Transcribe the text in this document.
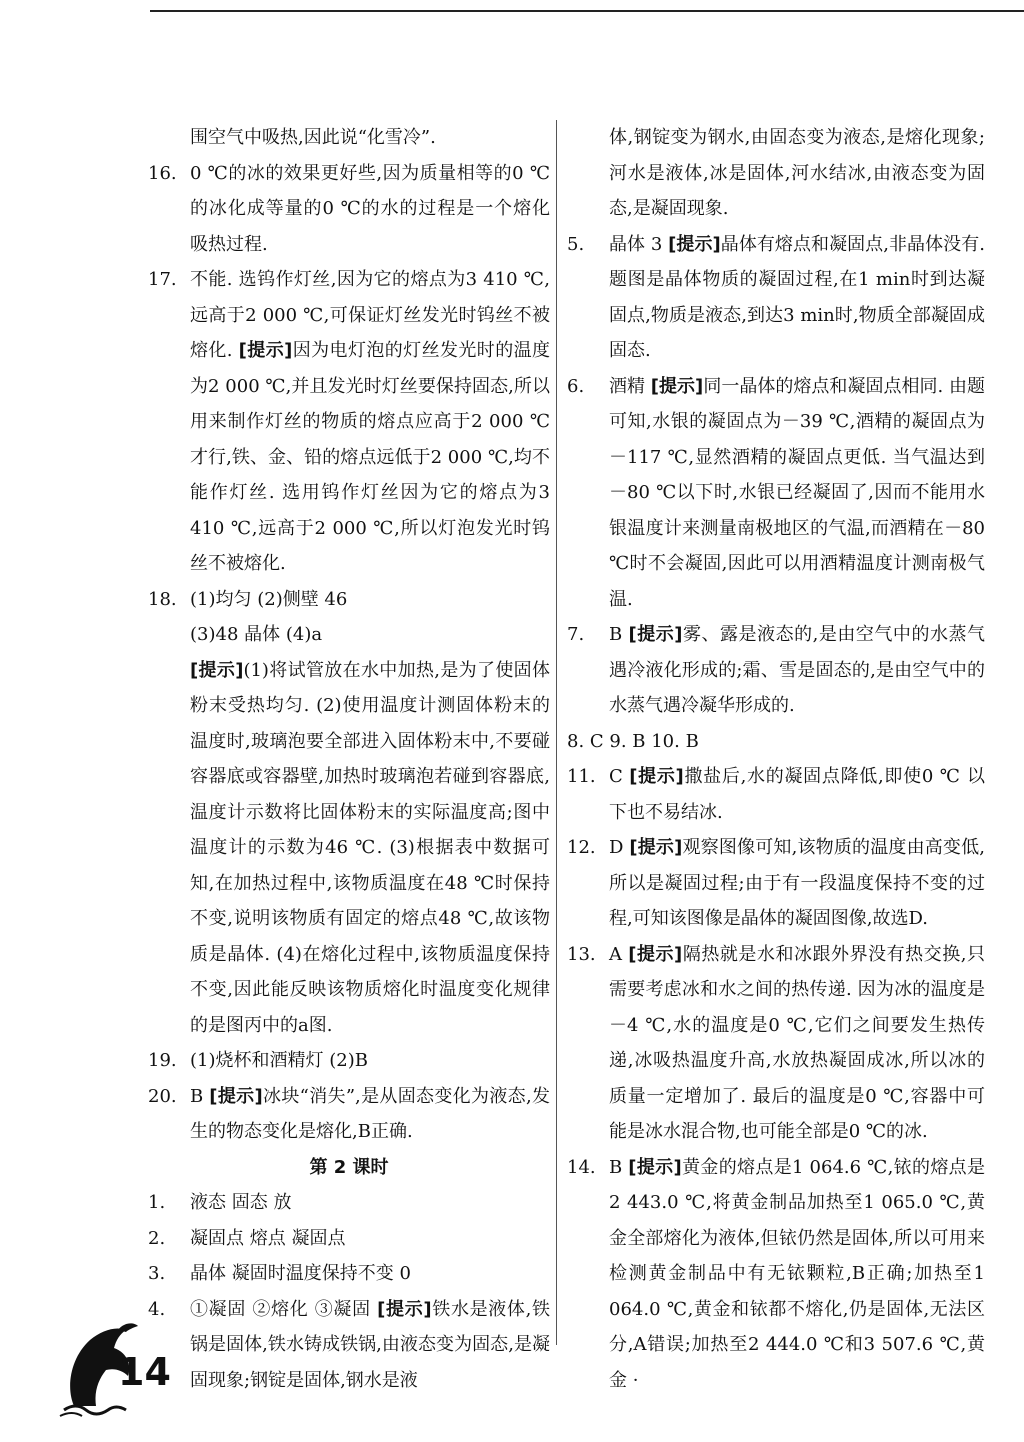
围空气中吸热,因此说“化雪冷”.
16. 0 ℃的冰的效果更好些,因为质量相等的0 ℃的冰化成等量的0 ℃的水的过程是一个熔化吸热过程.
17. 不能. 选钨作灯丝,因为它的熔点为3 410 ℃,远高于2 000 ℃,可保证灯丝发光时钨丝不被熔化. [提示]因为电灯泡的灯丝发光时的温度为2 000 ℃,并且发光时灯丝要保持固态,所以用来制作灯丝的物质的熔点应高于2 000 ℃才行,铁、金、铅的熔点远低于2 000 ℃,均不能作灯丝. 选用钨作灯丝因为它的熔点为3 410 ℃,远高于2 000 ℃,所以灯泡发光时钨丝不被熔化.
18. (1)均匀 (2)侧壁 46
(3)48 晶体 (4)a
[提示](1)将试管放在水中加热,是为了使固体粉末受热均匀. (2)使用温度计测固体粉末的温度时,玻璃泡要全部进入固体粉末中,不要碰容器底或容器壁,加热时玻璃泡若碰到容器底,温度计示数将比固体粉末的实际温度高;图中温度计的示数为46 ℃. (3)根据表中数据可知,在加热过程中,该物质温度在48 ℃时保持不变,说明该物质有固定的熔点48 ℃,故该物质是晶体. (4)在熔化过程中,该物质温度保持不变,因此能反映该物质熔化时温度变化规律的是图丙中的a图.
19. (1)烧杯和酒精灯 (2)B
20. B [提示]冰块“消失”,是从固态变化为液态,发生的物态变化是熔化,B正确.
第 2 课时
1. 液态 固态 放
2. 凝固点 熔点 凝固点
3. 晶体 凝固时温度保持不变 0
4. ①凝固 ②熔化 ③凝固 [提示]铁水是液体,铁锅是固体,铁水铸成铁锅,由液态变为固态,是凝固现象;钢锭是固体,钢水是液
体,钢锭变为钢水,由固态变为液态,是熔化现象;河水是液体,冰是固体,河水结冰,由液态变为固态,是凝固现象.
5. 晶体 3 [提示]晶体有熔点和凝固点,非晶体没有. 题图是晶体物质的凝固过程,在1 min时到达凝固点,物质是液态,到达3 min时,物质全部凝固成固态.
6. 酒精 [提示]同一晶体的熔点和凝固点相同. 由题可知,水银的凝固点为－39 ℃,酒精的凝固点为－117 ℃,显然酒精的凝固点更低. 当气温达到－80 ℃以下时,水银已经凝固了,因而不能用水银温度计来测量南极地区的气温,而酒精在－80 ℃时不会凝固,因此可以用酒精温度计测南极气温.
7. B [提示]雾、露是液态的,是由空气中的水蒸气遇冷液化形成的;霜、雪是固态的,是由空气中的水蒸气遇冷凝华形成的.
8. C 9. B 10. B
11. C [提示]撒盐后,水的凝固点降低,即使0 ℃ 以下也不易结冰.
12. D [提示]观察图像可知,该物质的温度由高变低,所以是凝固过程;由于有一段温度保持不变的过程,可知该图像是晶体的凝固图像,故选D.
13. A [提示]隔热就是水和冰跟外界没有热交换,只需要考虑冰和水之间的热传递. 因为冰的温度是－4 ℃,水的温度是0 ℃,它们之间要发生热传递,冰吸热温度升高,水放热凝固成冰,所以冰的质量一定增加了. 最后的温度是0 ℃,容器中可能是冰水混合物,也可能全部是0 ℃的冰.
14. B [提示]黄金的熔点是1 064.6 ℃,铱的熔点是2 443.0 ℃,将黄金制品加热至1 065.0 ℃,黄金全部熔化为液体,但铱仍然是固体,所以可用来检测黄金制品中有无铱颗粒,B正确;加热至1 064.0 ℃,黄金和铱都不熔化,仍是固体,无法区分,A错误;加热至2 444.0 ℃和3 507.6 ℃,黄金 ·
14
